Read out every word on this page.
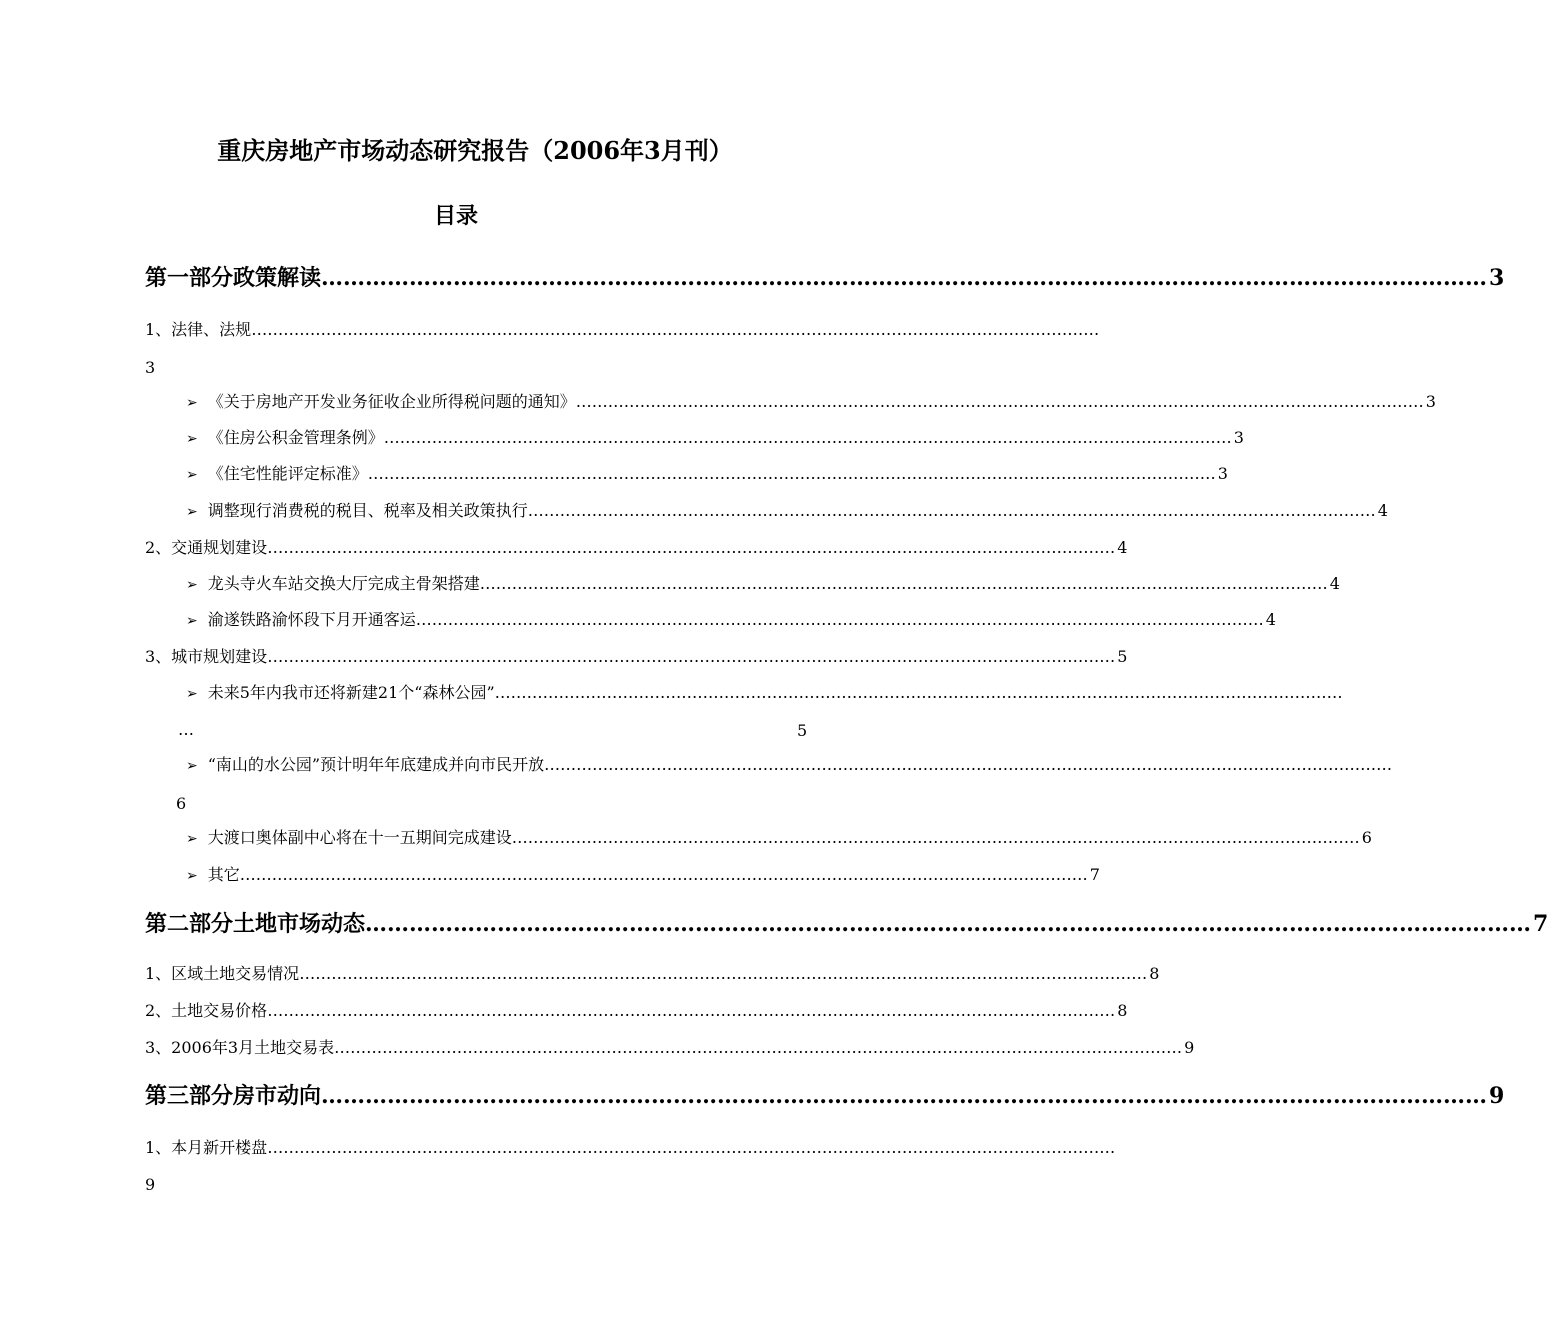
重庆房地产市场动态研究报告（2006年3月刊）
目录
第一部分 政策解读 …………………………………………………………………………………………………………………………………………… 3
1、法律、法规 ……………………………………………………………………………………………………………………………………………
3
➢ 《关于房地产开发业务征收企业所得税问题的通知》 …………………………………………………………………………………………………………………………………………… 3
➢ 《住房公积金管理条例》 …………………………………………………………………………………………………………………………………………… 3
➢ 《住宅性能评定标准》 …………………………………………………………………………………………………………………………………………… 3
➢ 调整现行消费税的税目、税率及相关政策执行 …………………………………………………………………………………………………………………………………………… 4
2、交通规划建设 …………………………………………………………………………………………………………………………………………… 4
➢ 龙头寺火车站交换大厅完成主骨架搭建 …………………………………………………………………………………………………………………………………………… 4
➢ 渝遂铁路渝怀段下月开通客运 …………………………………………………………………………………………………………………………………………… 4
3、城市规划建设 …………………………………………………………………………………………………………………………………………… 5
➢ 未来5年内我市还将新建21个“森林公园” ……………………………………………………………………………………………………………………………………………
…	5
➢ “南山的水公园”预计明年年底建成并向市民开放 ……………………………………………………………………………………………………………………………………………
6
➢ 大渡口奥体副中心将在十一五期间完成建设 …………………………………………………………………………………………………………………………………………… 6
➢ 其它 …………………………………………………………………………………………………………………………………………… 7
第二部分 土地市场动态 …………………………………………………………………………………………………………………………………………… 7
1、区域土地交易情况 …………………………………………………………………………………………………………………………………………… 8
2、土地交易价格 …………………………………………………………………………………………………………………………………………… 8
3、2006年3月土地交易表 …………………………………………………………………………………………………………………………………………… 9
第三部分 房市动向 …………………………………………………………………………………………………………………………………………… 9
1、本月新开楼盘 ……………………………………………………………………………………………………………………………………………
9
